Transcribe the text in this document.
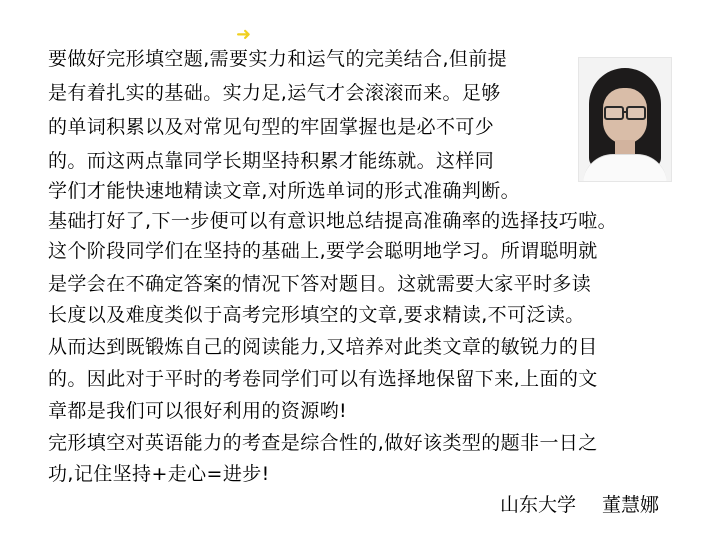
➜
要做好完形填空题,需要实力和运气的完美结合,但前提
是有着扎实的基础。实力足,运气才会滚滚而来。足够
的单词积累以及对常见句型的牢固掌握也是必不可少
的。而这两点靠同学长期坚持积累才能练就。这样同
学们才能快速地精读文章,对所选单词的形式准确判断。
基础打好了,下一步便可以有意识地总结提高准确率的选择技巧啦。
这个阶段同学们在坚持的基础上,要学会聪明地学习。所谓聪明就
是学会在不确定答案的情况下答对题目。这就需要大家平时多读
长度以及难度类似于高考完形填空的文章,要求精读,不可泛读。
从而达到既锻炼自己的阅读能力,又培养对此类文章的敏锐力的目
的。因此对于平时的考卷同学们可以有选择地保留下来,上面的文
章都是我们可以很好利用的资源哟!
完形填空对英语能力的考查是综合性的,做好该类型的题非一日之
功,记住坚持+走心=进步!
山东大学 董慧娜
